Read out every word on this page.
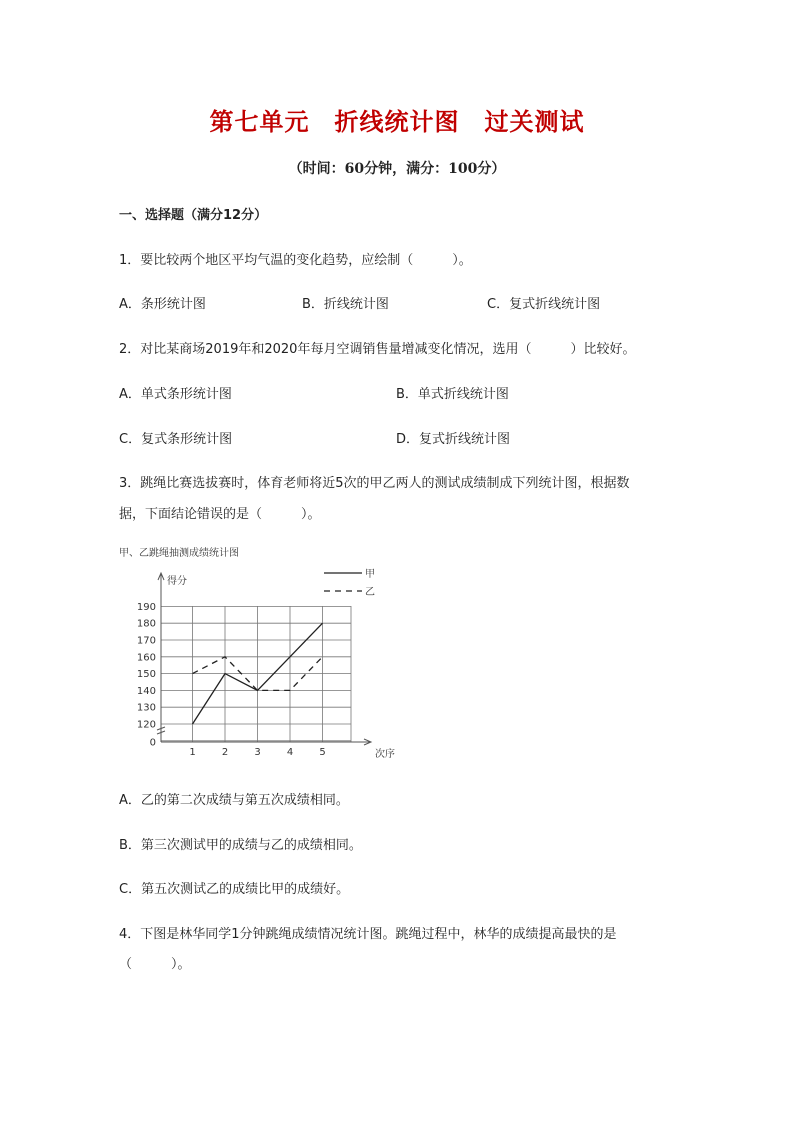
第七单元　折线统计图　过关测试
（时间：60分钟，满分：100分）
一、选择题（满分12分）
1．要比较两个地区平均气温的变化趋势，应绘制（　　　）。
A．条形统计图	B．折线统计图	C．复式折线统计图
2．对比某商场2019年和2020年每月空调销售量增减变化情况，选用（　　　）比较好。
A．单式条形统计图	B．单式折线统计图
C．复式条形统计图	D．复式折线统计图
3．跳绳比赛选拔赛时，体育老师将近5次的甲乙两人的测试成绩制成下列统计图，根据数
据，下面结论错误的是（　　　）。
甲、乙跳绳抽测成绩统计图
得分
次序
0
120
130
140
150
160
170
180
190
1	2	3	4	5
甲
乙
A．乙的第二次成绩与第五次成绩相同。
B．第三次测试甲的成绩与乙的成绩相同。
C．第五次测试乙的成绩比甲的成绩好。
4．下图是林华同学1分钟跳绳成绩情况统计图。跳绳过程中，林华的成绩提高最快的是
（　　　）。
